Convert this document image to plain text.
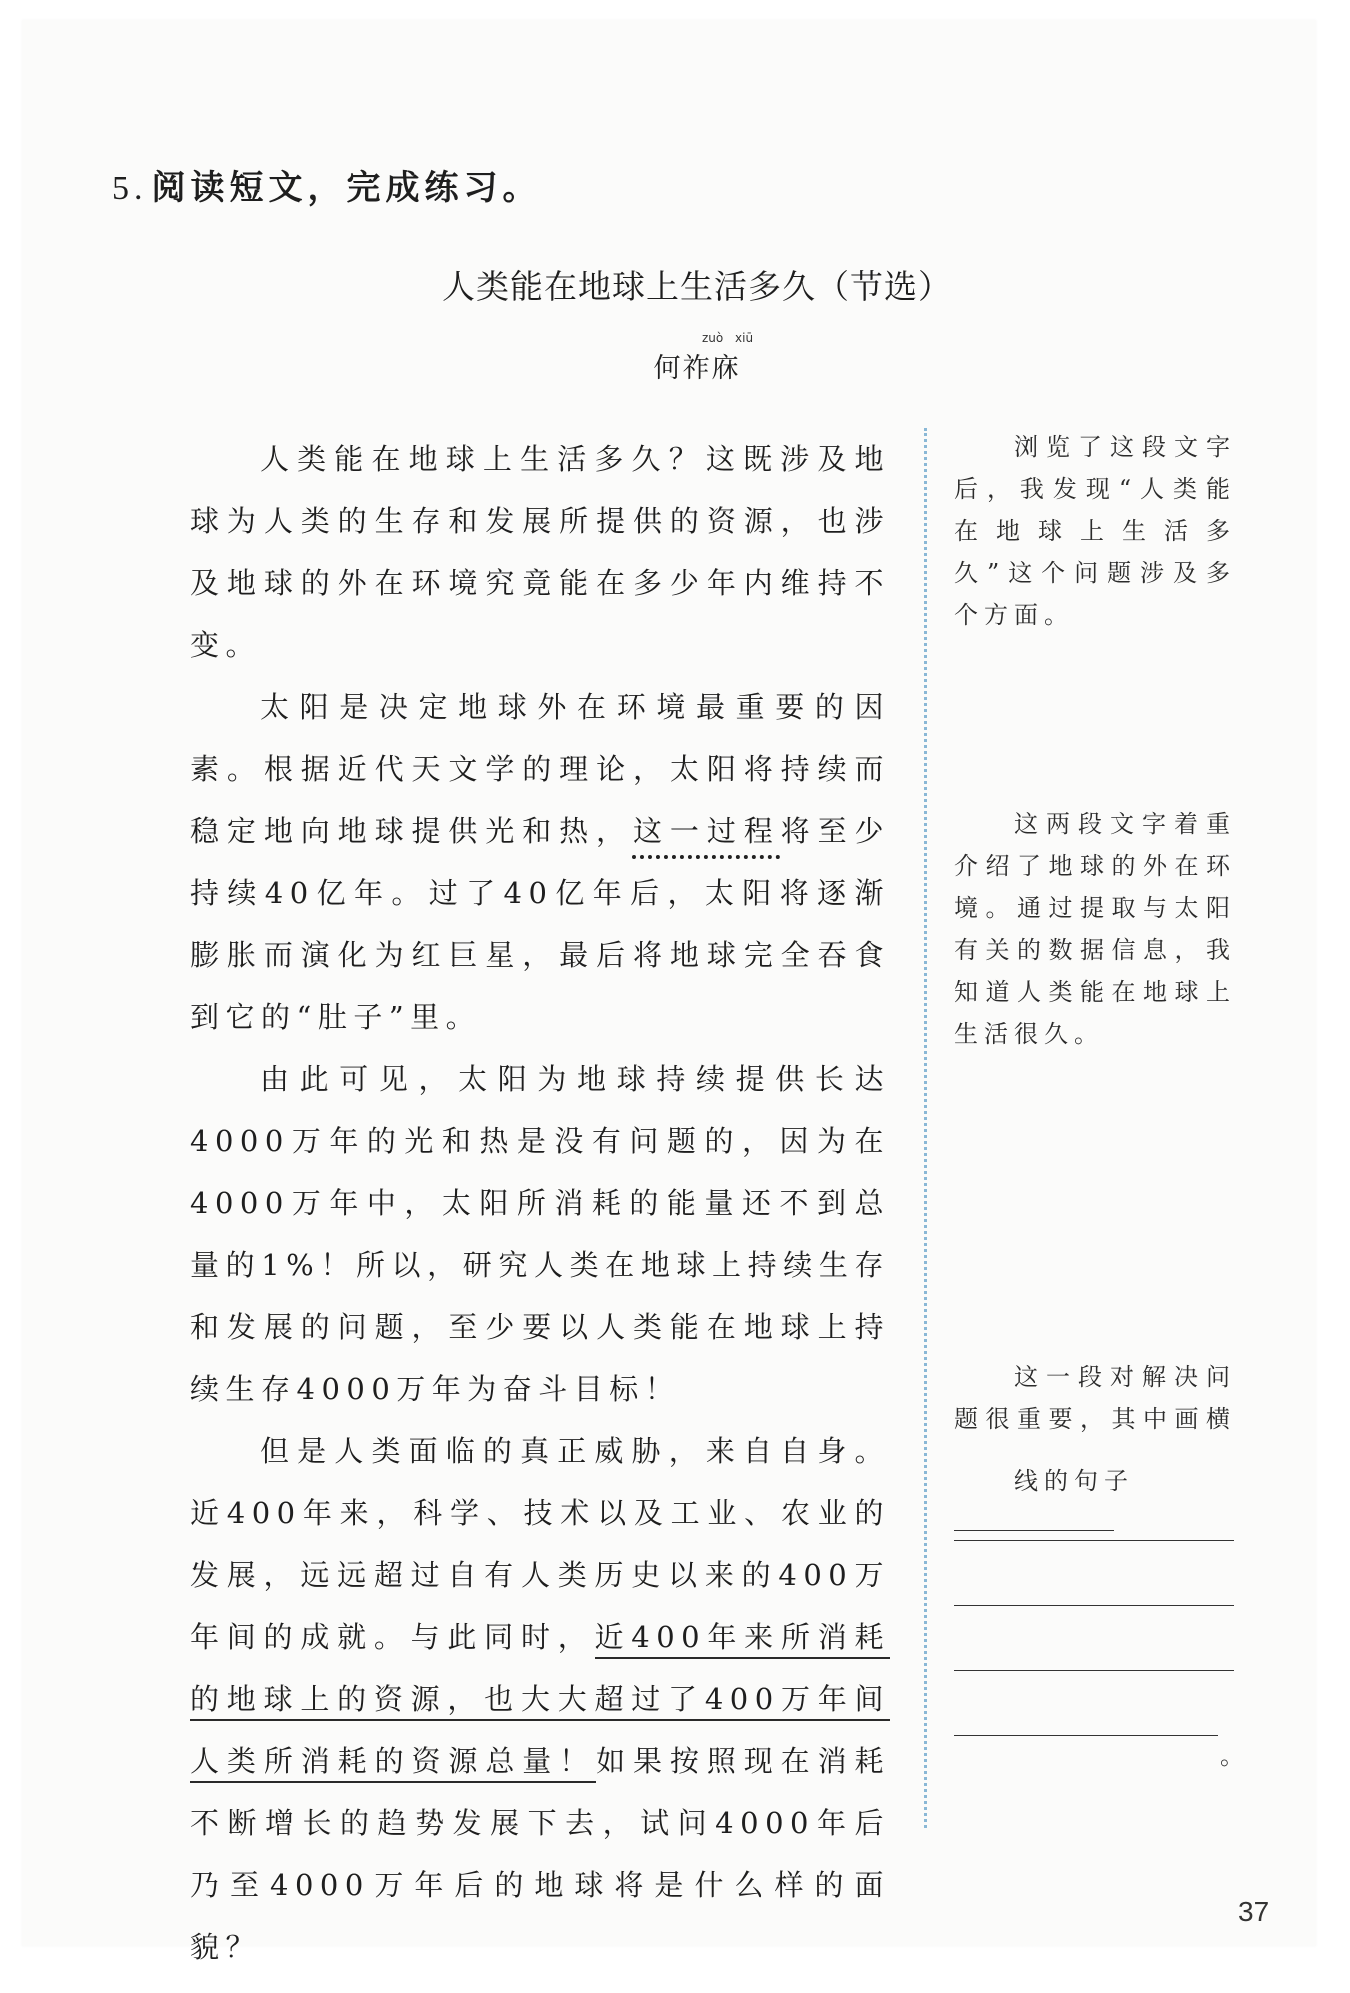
5. 阅读短文，完成练习。
人类能在地球上生活多久（节选）
zuò xiū
何祚庥

人类能在地球上生活多久？这既涉及地球为人类的生存和发展所提供的资源，也涉及地球的外在环境究竟能在多少年内维持不变。

太阳是决定地球外在环境最重要的因素。根据近代天文学的理论，太阳将持续而稳定地向地球提供光和热，这一过程将至少持续40亿年。过了40亿年后，太阳将逐渐膨胀而演化为红巨星，最后将地球完全吞食到它的“肚子”里。

由此可见，太阳为地球持续提供长达4000万年的光和热是没有问题的，因为在4000万年中，太阳所消耗的能量还不到总量的1%！所以，研究人类在地球上持续生存和发展的问题，至少要以人类能在地球上持续生存4000万年为奋斗目标！

但是人类面临的真正威胁，来自自身。近400年来，科学、技术以及工业、农业的发展，远远超过自有人类历史以来的400万年间的成就。与此同时，近400年来所消耗的地球上的资源，也大大超过了400万年间人类所消耗的资源总量！如果按照现在消耗不断增长的趋势发展下去，试问4000年后乃至4000万年后的地球将是什么样的面貌？

浏览了这段文字后，我发现“人类能在地球上生活多久”这个问题涉及多个方面。

这两段文字着重介绍了地球的外在环境。通过提取与太阳有关的数据信息，我知道人类能在地球上生活很久。

这一段对解决问题很重要，其中画横线的句子

。
37
